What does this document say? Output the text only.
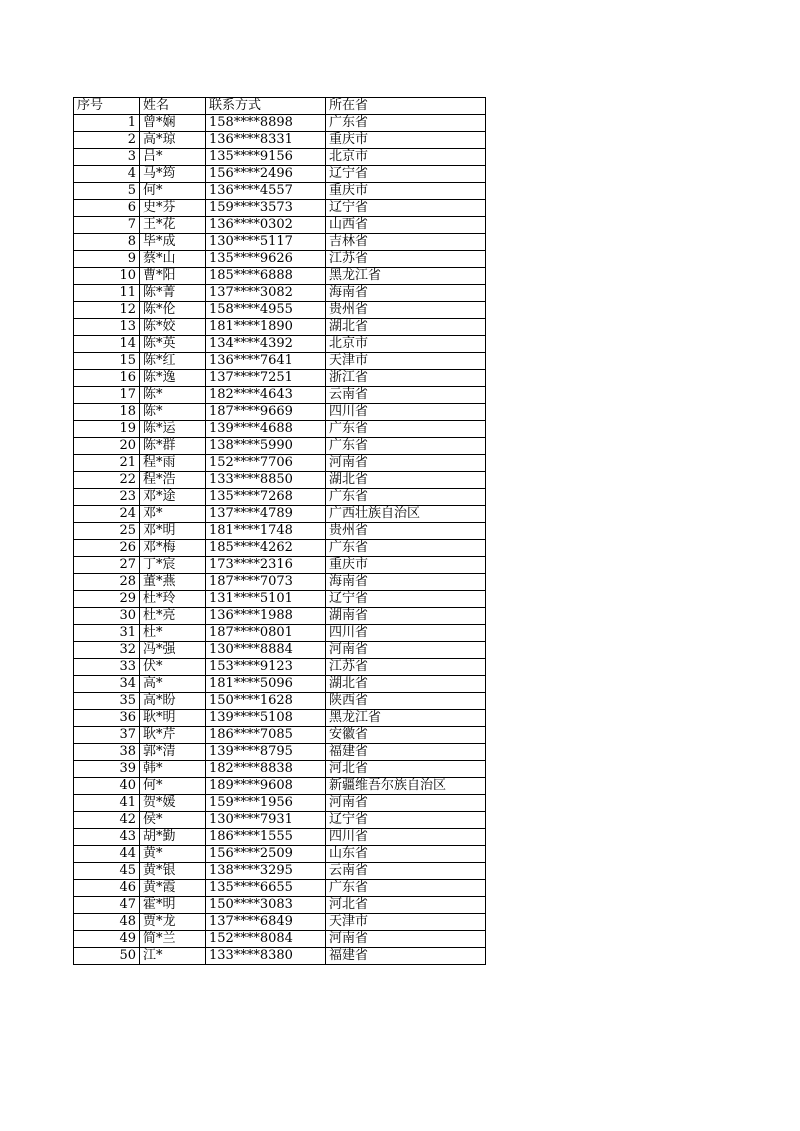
序号	姓名	联系方式	所在省
1	曾*娴	158****8898	广东省
2	高*琼	136****8331	重庆市
3	吕*	135****9156	北京市
4	马*筠	156****2496	辽宁省
5	何*	136****4557	重庆市
6	史*芬	159****3573	辽宁省
7	王*花	136****0302	山西省
8	毕*成	130****5117	吉林省
9	蔡*山	135****9626	江苏省
10	曹*阳	185****6888	黑龙江省
11	陈*菁	137****3082	海南省
12	陈*伦	158****4955	贵州省
13	陈*姣	181****1890	湖北省
14	陈*英	134****4392	北京市
15	陈*红	136****7641	天津市
16	陈*逸	137****7251	浙江省
17	陈*	182****4643	云南省
18	陈*	187****9669	四川省
19	陈*运	139****4688	广东省
20	陈*群	138****5990	广东省
21	程*雨	152****7706	河南省
22	程*浩	133****8850	湖北省
23	邓*途	135****7268	广东省
24	邓*	137****4789	广西壮族自治区
25	邓*明	181****1748	贵州省
26	邓*梅	185****4262	广东省
27	丁*宸	173****2316	重庆市
28	董*燕	187****7073	海南省
29	杜*玲	131****5101	辽宁省
30	杜*亮	136****1988	湖南省
31	杜*	187****0801	四川省
32	冯*强	130****8884	河南省
33	伏*	153****9123	江苏省
34	高*	181****5096	湖北省
35	高*盼	150****1628	陕西省
36	耿*明	139****5108	黑龙江省
37	耿*芹	186****7085	安徽省
38	郭*清	139****8795	福建省
39	韩*	182****8838	河北省
40	何*	189****9608	新疆维吾尔族自治区
41	贺*媛	159****1956	河南省
42	侯*	130****7931	辽宁省
43	胡*勤	186****1555	四川省
44	黄*	156****2509	山东省
45	黄*银	138****3295	云南省
46	黄*霞	135****6655	广东省
47	霍*明	150****3083	河北省
48	贾*龙	137****6849	天津市
49	简*兰	152****8084	河南省
50	江*	133****8380	福建省
